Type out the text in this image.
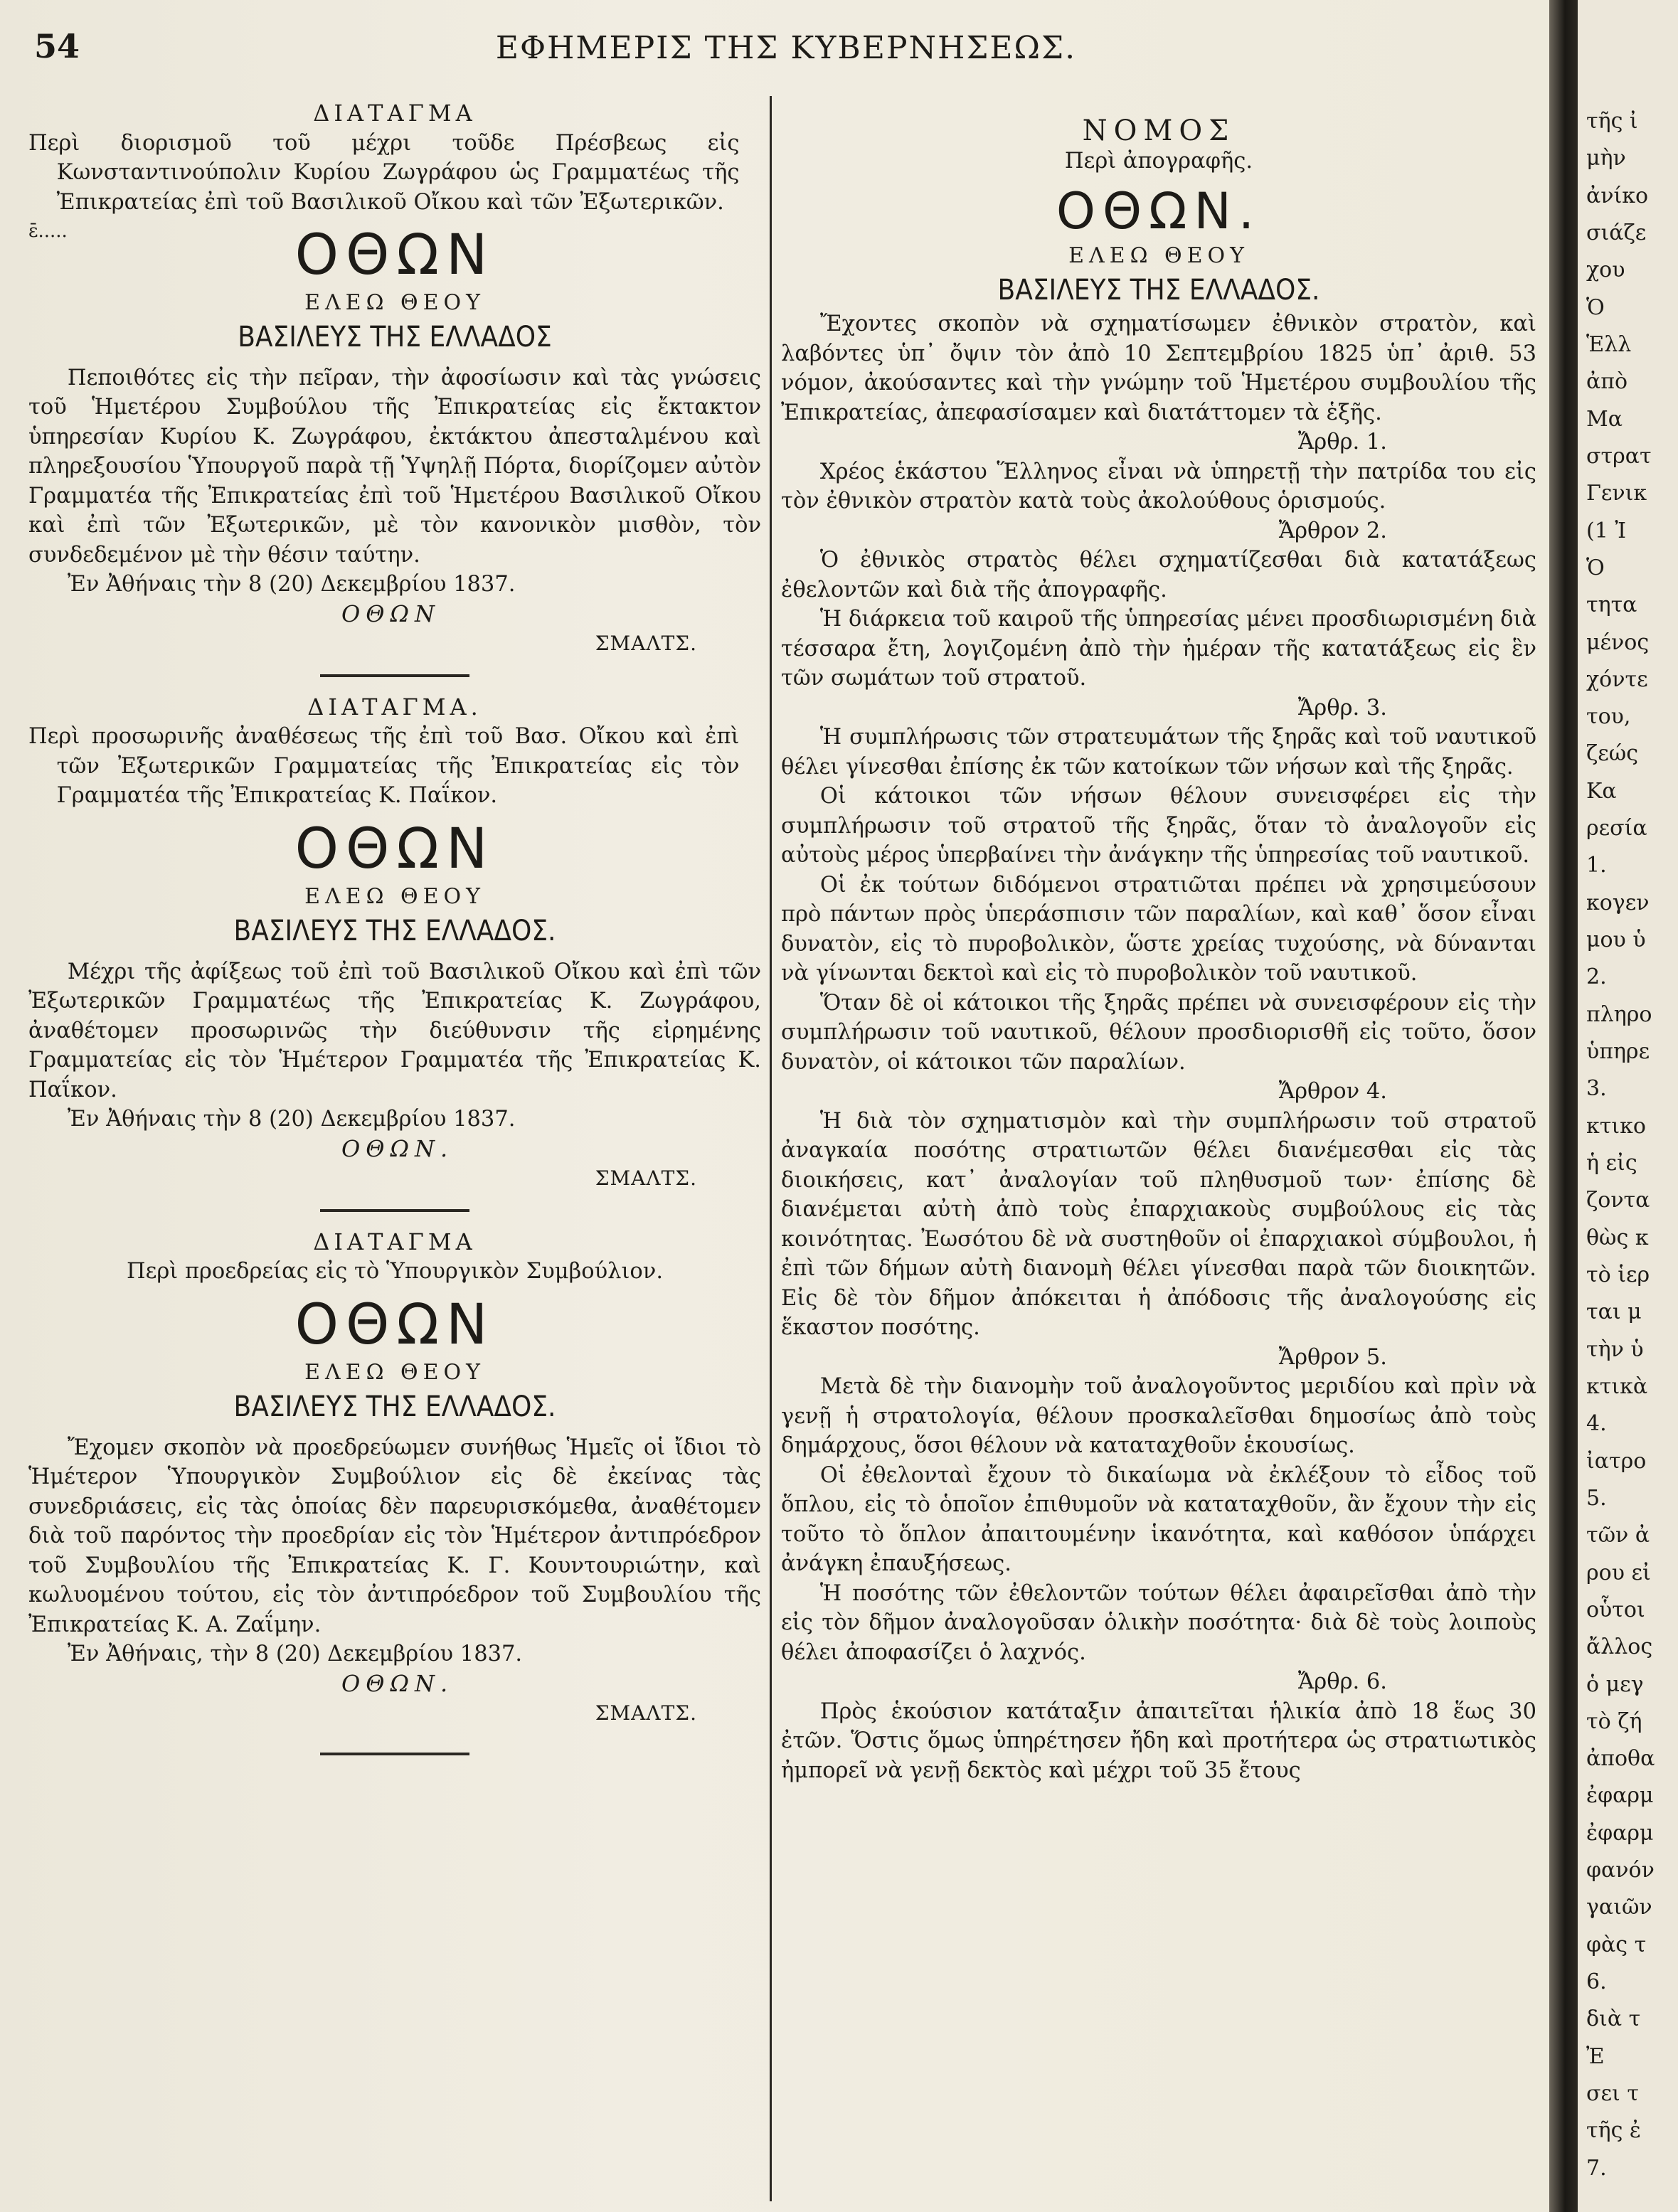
54	ΕΦΗΜΕΡΙΣ ΤΗΣ ΚΥΒΕΡΝΗΣΕΩΣ.

ΔΙΑΤΑΓΜΑ

Περὶ διορισμοῦ τοῦ μέχρι τοῦδε Πρέσβεως εἰς Κωνσταντινούπολιν Κυρίου Ζωγράφου ὡς Γραμματέως τῆς Ἐπικρατείας ἐπὶ τοῦ Βασιλικοῦ Οἴκου καὶ τῶν Ἐξωτερικῶν.

ɛ̄.....	ΟΘΩΝ

ΕΛΕΩ ΘΕΟΥ

ΒΑΣΙΛΕΥΣ ΤΗΣ ΕΛΛΑΔΟΣ

Πεποιθότες εἰς τὴν πεῖραν, τὴν ἀφοσίωσιν καὶ τὰς γνώσεις τοῦ Ἡμετέρου Συμβούλου τῆς Ἐπικρατείας εἰς ἔκτακτον ὑπηρεσίαν Κυρίου Κ. Ζωγράφου, ἐκτάκτου ἀπεσταλμένου καὶ πληρεξουσίου Ὑπουργοῦ παρὰ τῇ Ὑψηλῇ Πόρτα, διορίζομεν αὐτὸν Γραμματέα τῆς Ἐπικρατείας ἐπὶ τοῦ Ἡμετέρου Βασιλικοῦ Οἴκου καὶ ἐπὶ τῶν Ἐξωτερικῶν, μὲ τὸν κανονικὸν μισθὸν, τὸν συνδεδεμένον μὲ τὴν θέσιν ταύτην.

Ἐν Ἀθήναις τὴν 8 (20) Δεκεμβρίου 1837.

ΟΘΩΝ

ΣΜΑΛΤΣ.

ΔΙΑΤΑΓΜΑ.

Περὶ προσωρινῆς ἀναθέσεως τῆς ἐπὶ τοῦ Βασ. Οἴκου καὶ ἐπὶ τῶν Ἐξωτερικῶν Γραμματείας τῆς Ἐπικρατείας εἰς τὸν Γραμματέα τῆς Ἐπικρατείας Κ. Παΐκον.

ΟΘΩΝ

ΕΛΕΩ ΘΕΟΥ

ΒΑΣΙΛΕΥΣ ΤΗΣ ΕΛΛΑΔΟΣ.

Μέχρι τῆς ἀφίξεως τοῦ ἐπὶ τοῦ Βασιλικοῦ Οἴκου καὶ ἐπὶ τῶν Ἐξωτερικῶν Γραμματέως τῆς Ἐπικρατείας Κ. Ζωγράφου, ἀναθέτομεν προσωρινῶς τὴν διεύθυνσιν τῆς εἰρημένης Γραμματείας εἰς τὸν Ἡμέτερον Γραμματέα τῆς Ἐπικρατείας Κ. Παΐκον.

Ἐν Ἀθήναις τὴν 8 (20) Δεκεμβρίου 1837.

ΟΘΩΝ.

ΣΜΑΛΤΣ.

ΔΙΑΤΑΓΜΑ

Περὶ προεδρείας εἰς τὸ Ὑπουργικὸν Συμβούλιον.

ΟΘΩΝ

ΕΛΕΩ ΘΕΟΥ

ΒΑΣΙΛΕΥΣ ΤΗΣ ΕΛΛΑΔΟΣ.

Ἔχομεν σκοπὸν νὰ προεδρεύωμεν συνήθως Ἡμεῖς οἱ ἴδιοι τὸ Ἡμέτερον Ὑπουργικὸν Συμβούλιον εἰς δὲ ἐκείνας τὰς συνεδριάσεις, εἰς τὰς ὁποίας δὲν παρευρισκόμεθα, ἀναθέτομεν διὰ τοῦ παρόντος τὴν προεδρίαν εἰς τὸν Ἡμέτερον ἀντιπρόεδρον τοῦ Συμβουλίου τῆς Ἐπικρατείας Κ. Γ. Κουντουριώτην, καὶ κωλυομένου τούτου, εἰς τὸν ἀντιπρόεδρον τοῦ Συμβουλίου τῆς Ἐπικρατείας Κ. Α. Ζαΐμην.

Ἐν Ἀθήναις, τὴν 8 (20) Δεκεμβρίου 1837.

ΟΘΩΝ.

ΣΜΑΛΤΣ.

ΝΟΜΟΣ

Περὶ ἀπογραφῆς.

ΟΘΩΝ.

ΕΛΕΩ ΘΕΟΥ

ΒΑΣΙΛΕΥΣ ΤΗΣ ΕΛΛΑΔΟΣ.

Ἔχοντες σκοπὸν νὰ σχηματίσωμεν ἐθνικὸν στρατὸν, καὶ λαβόντες ὑπ᾽ ὄψιν τὸν ἀπὸ 10 Σεπτεμβρίου 1825 ὑπ᾽ ἀριθ. 53 νόμον, ἀκούσαντες καὶ τὴν γνώμην τοῦ Ἡμετέρου συμβουλίου τῆς Ἐπικρατείας, ἀπεφασίσαμεν καὶ διατάττομεν τὰ ἑξῆς.

Ἄρθρ. 1.

Χρέος ἑκάστου Ἕλληνος εἶναι νὰ ὑπηρετῇ τὴν πατρίδα του εἰς τὸν ἐθνικὸν στρατὸν κατὰ τοὺς ἀκολούθους ὁρισμούς.

Ἄρθρον 2.

Ὁ ἐθνικὸς στρατὸς θέλει σχηματίζεσθαι διὰ κατατάξεως ἐθελοντῶν καὶ διὰ τῆς ἀπογραφῆς.

Ἡ διάρκεια τοῦ καιροῦ τῆς ὑπηρεσίας μένει προσδιωρισμένη διὰ τέσσαρα ἔτη, λογιζομένη ἀπὸ τὴν ἡμέραν τῆς κατατάξεως εἰς ἓν τῶν σωμάτων τοῦ στρατοῦ.

Ἄρθρ. 3.

Ἡ συμπλήρωσις τῶν στρατευμάτων τῆς ξηρᾶς καὶ τοῦ ναυτικοῦ θέλει γίνεσθαι ἐπίσης ἐκ τῶν κατοίκων τῶν νήσων καὶ τῆς ξηρᾶς.

Οἱ κάτοικοι τῶν νήσων θέλουν συνεισφέρει εἰς τὴν συμπλήρωσιν τοῦ στρατοῦ τῆς ξηρᾶς, ὅταν τὸ ἀναλογοῦν εἰς αὐτοὺς μέρος ὑπερβαίνει τὴν ἀνάγκην τῆς ὑπηρεσίας τοῦ ναυτικοῦ.

Οἱ ἐκ τούτων διδόμενοι στρατιῶται πρέπει νὰ χρησιμεύσουν πρὸ πάντων πρὸς ὑπεράσπισιν τῶν παραλίων, καὶ καθ᾽ ὅσον εἶναι δυνατὸν, εἰς τὸ πυροβολικὸν, ὥστε χρείας τυχούσης, νὰ δύνανται νὰ γίνωνται δεκτοὶ καὶ εἰς τὸ πυροβολικὸν τοῦ ναυτικοῦ.

Ὅταν δὲ οἱ κάτοικοι τῆς ξηρᾶς πρέπει νὰ συνεισφέρουν εἰς τὴν συμπλήρωσιν τοῦ ναυτικοῦ, θέλουν προσδιορισθῆ εἰς τοῦτο, ὅσον δυνατὸν, οἱ κάτοικοι τῶν παραλίων.

Ἄρθρον 4.

Ἡ διὰ τὸν σχηματισμὸν καὶ τὴν συμπλήρωσιν τοῦ στρατοῦ ἀναγκαία ποσότης στρατιωτῶν θέλει διανέμεσθαι εἰς τὰς διοικήσεις, κατ᾽ ἀναλογίαν τοῦ πληθυσμοῦ των· ἐπίσης δὲ διανέμεται αὐτὴ ἀπὸ τοὺς ἐπαρχιακοὺς συμβούλους εἰς τὰς κοινότητας. Ἐωσότου δὲ νὰ συστηθοῦν οἱ ἐπαρχιακοὶ σύμβουλοι, ἡ ἐπὶ τῶν δήμων αὐτὴ διανομὴ θέλει γίνεσθαι παρὰ τῶν διοικητῶν. Εἰς δὲ τὸν δῆμον ἀπόκειται ἡ ἀπόδοσις τῆς ἀναλογούσης εἰς ἕκαστον ποσότης.

Ἄρθρον 5.

Μετὰ δὲ τὴν διανομὴν τοῦ ἀναλογοῦντος μεριδίου καὶ πρὶν νὰ γενῇ ἡ στρατολογία, θέλουν προσκαλεῖσθαι δημοσίως ἀπὸ τοὺς δημάρχους, ὅσοι θέλουν νὰ καταταχθοῦν ἑκουσίως.

Οἱ ἐθελονταὶ ἔχουν τὸ δικαίωμα νὰ ἐκλέξουν τὸ εἶδος τοῦ ὅπλου, εἰς τὸ ὁποῖον ἐπιθυμοῦν νὰ καταταχθοῦν, ἂν ἔχουν τὴν εἰς τοῦτο τὸ ὅπλον ἀπαιτουμένην ἱκανότητα, καὶ καθόσον ὑπάρχει ἀνάγκη ἐπαυξήσεως.

Ἡ ποσότης τῶν ἐθελοντῶν τούτων θέλει ἀφαιρεῖσθαι ἀπὸ τὴν εἰς τὸν δῆμον ἀναλογοῦσαν ὁλικὴν ποσότητα· διὰ δὲ τοὺς λοιποὺς θέλει ἀποφασίζει ὁ λαχνός.

Ἄρθρ. 6.

Πρὸς ἑκούσιον κατάταξιν ἀπαιτεῖται ἡλικία ἀπὸ 18 ἕως 30 ἐτῶν. Ὅστις ὅμως ὑπηρέτησεν ἤδη καὶ προτήτερα ὡς στρατιωτικὸς ἠμπορεῖ νὰ γενῇ δεκτὸς καὶ μέχρι τοῦ 35 ἔτους

τῆς ἰ
μὴν
ἀνίκο
σιάζε
χου
Ὁ
Ἑλλ
ἀπὸ
Μα
στρατ
Γενικ
(1 Ἰ
Ὁ
τητα
μένος
χόντε
του,
ζεώς
Κα
ρεσία
1.
κογεν
μου ὑ
2.
πληρο
ὑπηρε
3.
κτικο
ἡ εἰς
ζοντα
θὼς κ
τὸ ἱερ
ται μ
τὴν ὑ
κτικὰ
4.
ἰατρο
5.
τῶν ἀ
ρου εἰ
οὗτοι
ἄλλος
ὁ μεγ
τὸ ζή
ἀποθα
ἐφαρμ
ἐφαρμ
φανόν
γαιῶν
φὰς τ
6.
διὰ τ
Ἐ
σει τ
τῆς ἐ
7.
